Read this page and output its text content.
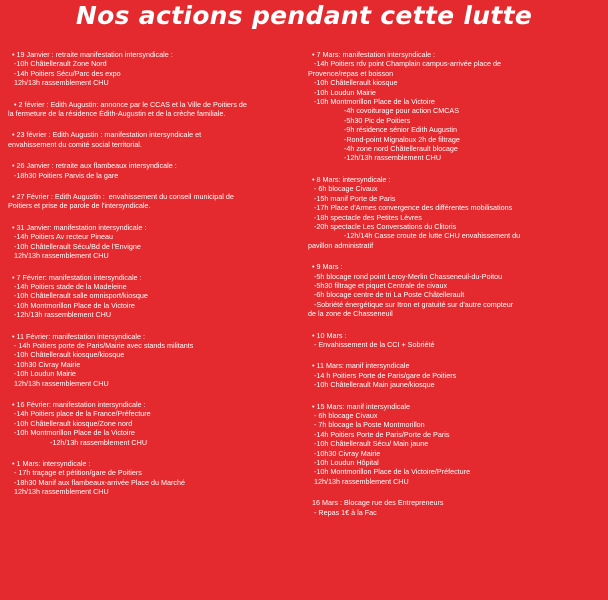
Nos actions pendant cette lutte
• 19 Janvier : retraite manifestation intersyndicale :
-10h Châtellerault Zone Nord
-14h Poitiers Sécu/Parc des expo
12h/13h rassemblement CHU
• 2 février : Edith Augustin: annonce par le CCAS et la Ville de Poitiers de
la fermeture de la résidence Édith-Augustin et de la crèche familiale.
• 23 février : Edith Augustin : manifestation intersyndicale et
envahissement du comité social territorial.
• 26 Janvier : retraite aux flambeaux intersyndicale :
-18h30 Poitiers Parvis de la gare
• 27 Février : Edith Augustin :  envahissement du conseil municipal de
Poitiers et prise de parole de l'intersyndicale.
• 31 Janvier: manifestation intersyndicale :
-14h Poitiers Av recteur Pineau
-10h Châtellerault Sécu/Bd de l'Envigne
12h/13h rassemblement CHU
• 7 Février: manifestation intersyndicale :
-14h Poitiers stade de la Madeleine
-10h Châtellerault salle omnisport/kiosque
-10h Montmorillon Place de la Victoire
-12h/13h rassemblement CHU
• 11 Février: manifestation intersyndicale :
- 14h Poitiers porte de Paris/Mairie avec stands militants
-10h Châtellerault kiosque/kiosque
-10h30 Civray Mairie
-10h Loudun Mairie
12h/13h rassemblement CHU
• 16 Février: manifestation intersyndicale :
-14h Poitiers place de la France/Préfecture
-10h Châtellerault kiosque/Zone nord
-10h Montmorillon Place de la Victoire
-12h/13h rassemblement CHU
• 1 Mars: intersyndicale :
- 17h traçage et pétition/gare de Poitiers
-18h30 Manif aux flambeaux-arrivée Place du Marché
12h/13h rassemblement CHU
• 7 Mars: manifestation intersyndicale :
-14h Poitiers rdv point Champlain campus-arrivée place de
Provence/repas et boisson
-10h Châtellerault kiosque
-10h Loudun Mairie
-10h Montmorillon Place de la Victoire
-4h covoiturage pour action CMCAS
-5h30 Pic de Poitiers
-9h résidence sénior Edith Augustin
-Rond-point Mignaloux 2h de filtrage
-4h zone nord Châtellerault blocage
-12h/13h rassemblement CHU
• 8 Mars: intersyndicale :
- 6h blocage Civaux
-15h manif Porte de Paris
-17h Place d'Armes convergence des différentes mobilisations
-18h spectacle des Petites Lèvres
-20h spectacle Les Conversations du Clitoris
-12h/14h Casse croute de lutte CHU envahissement du
pavillon administratif
• 9 Mars :
-5h blocage rond point Leroy-Merlin Chasseneuil-du-Poitou
-5h30 filtrage et piquet Centrale de civaux
-6h blocage centre de tri La Poste Châtellerault
-Sobriété énergétique sur Itron et gratuité sur d'autre compteur
de la zone de Chasseneuil
• 10 Mars :
- Envahissement de la CCI + Sobriété
• 11 Mars: manif intersyndicale
-14 h Poitiers Porte de Paris/gare de Poitiers
-10h Châtellerault Main jaune/kiosque
• 15 Mars: manif intersyndicale
- 6h blocage Civaux
- 7h blocage la Poste Montmorillon
-14h Poitiers Porte de Paris/Porte de Paris
-10h Châtellerault Sécu/ Main jaune
-10h30 Civray Mairie
-10h Loudun Hôpital
-10h Montmorillon Place de la Victoire/Préfecture
12h/13h rassemblement CHU
16 Mars : Blocage rue des Entrepreneurs
- Repas 1€ à la Fac
